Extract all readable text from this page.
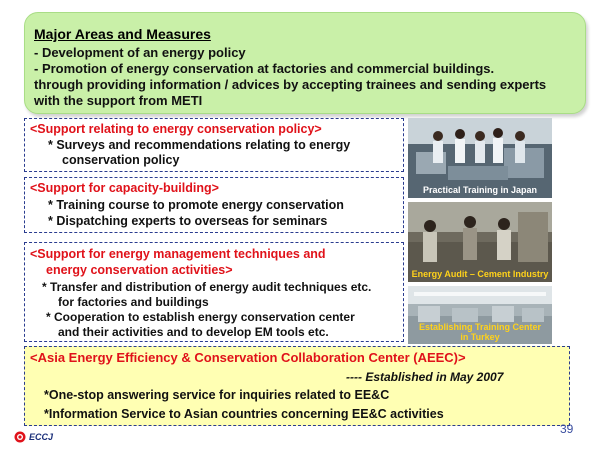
Major Areas and Measures
- Development of an energy policy
- Promotion of energy conservation at factories and commercial buildings.
through providing information / advices by accepting trainees and sending experts
with the support from METI
<Support relating to energy conservation policy>
* Surveys and recommendations relating to energy
conservation policy
<Support for capacity-building>
* Training course to promote energy conservation
* Dispatching experts to overseas for seminars
<Support for energy management techniques and
energy conservation activities>
* Transfer and distribution of energy audit techniques etc.
for factories and buildings
* Cooperation to establish energy conservation center
and their activities and to develop EM tools etc.
Practical Training in Japan
Energy Audit – Cement Industry
Establishing Training Center
in Turkey
<Asia Energy Efficiency & Conservation Collaboration Center (AEEC)>
---- Established in May 2007
*One-stop answering service for inquiries related to EE&C
*Information Service to Asian countries concerning EE&C activities
39
ECCJ
